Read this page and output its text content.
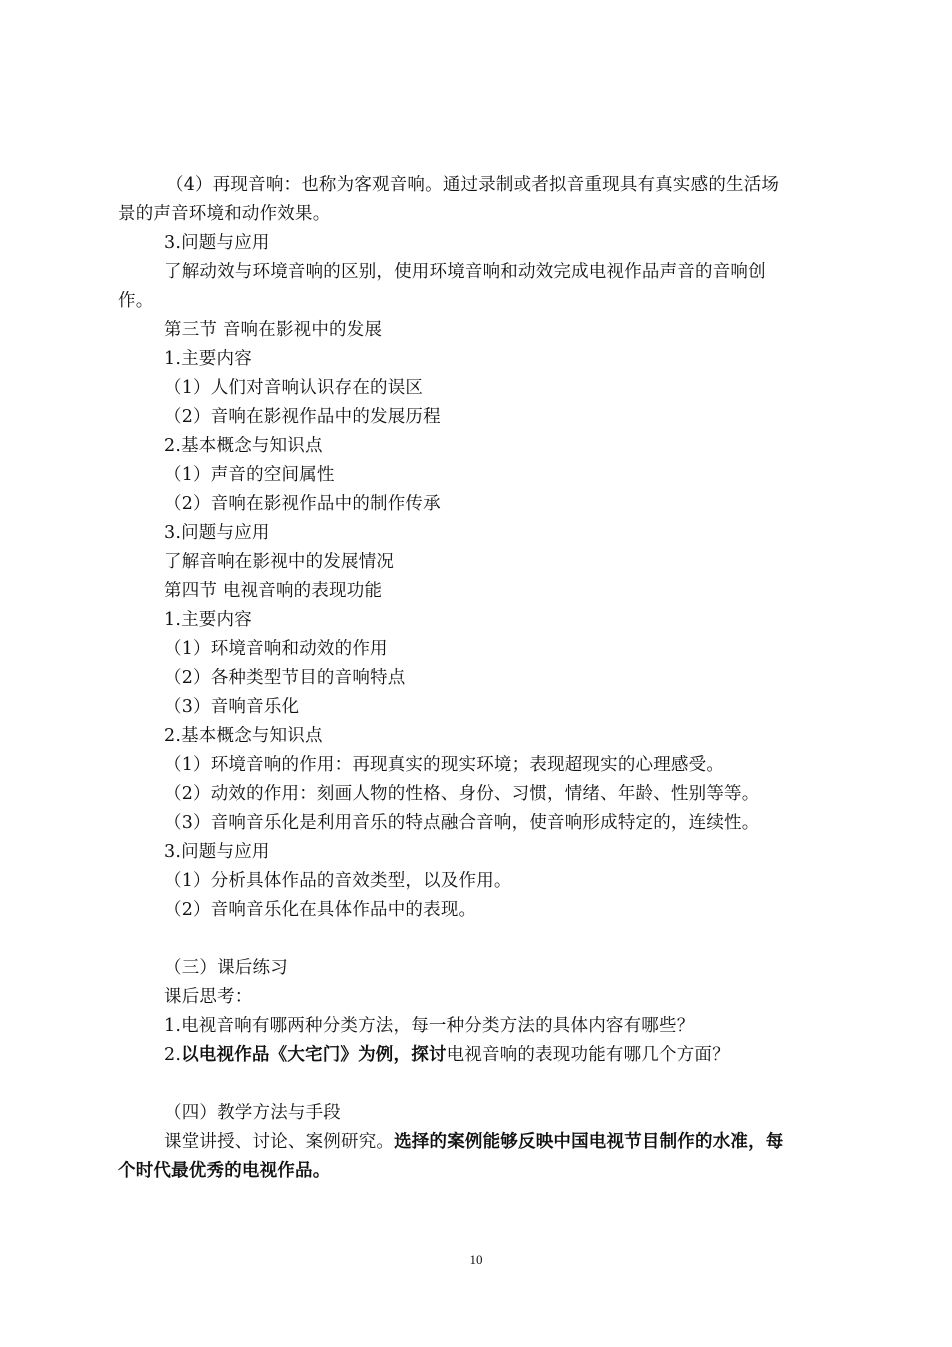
（4）再现音响：也称为客观音响。通过录制或者拟音重现具有真实感的生活场
景的声音环境和动作效果。
3.问题与应用
了解动效与环境音响的区别，使用环境音响和动效完成电视作品声音的音响创
作。
第三节 音响在影视中的发展
1.主要内容
（1）人们对音响认识存在的误区
（2）音响在影视作品中的发展历程
2.基本概念与知识点
（1）声音的空间属性
（2）音响在影视作品中的制作传承
3.问题与应用
了解音响在影视中的发展情况
第四节 电视音响的表现功能
1.主要内容
（1）环境音响和动效的作用
（2）各种类型节目的音响特点
（3）音响音乐化
2.基本概念与知识点
（1）环境音响的作用：再现真实的现实环境；表现超现实的心理感受。
（2）动效的作用：刻画人物的性格、身份、习惯，情绪、年龄、性别等等。
（3）音响音乐化是利用音乐的特点融合音响，使音响形成特定的，连续性。
3.问题与应用
（1）分析具体作品的音效类型，以及作用。
（2）音响音乐化在具体作品中的表现。
（三）课后练习
课后思考：
1.电视音响有哪两种分类方法，每一种分类方法的具体内容有哪些？
2.以电视作品《大宅门》为例，探讨电视音响的表现功能有哪几个方面？
（四）教学方法与手段
课堂讲授、讨论、案例研究。选择的案例能够反映中国电视节目制作的水准，每
个时代最优秀的电视作品。
10
